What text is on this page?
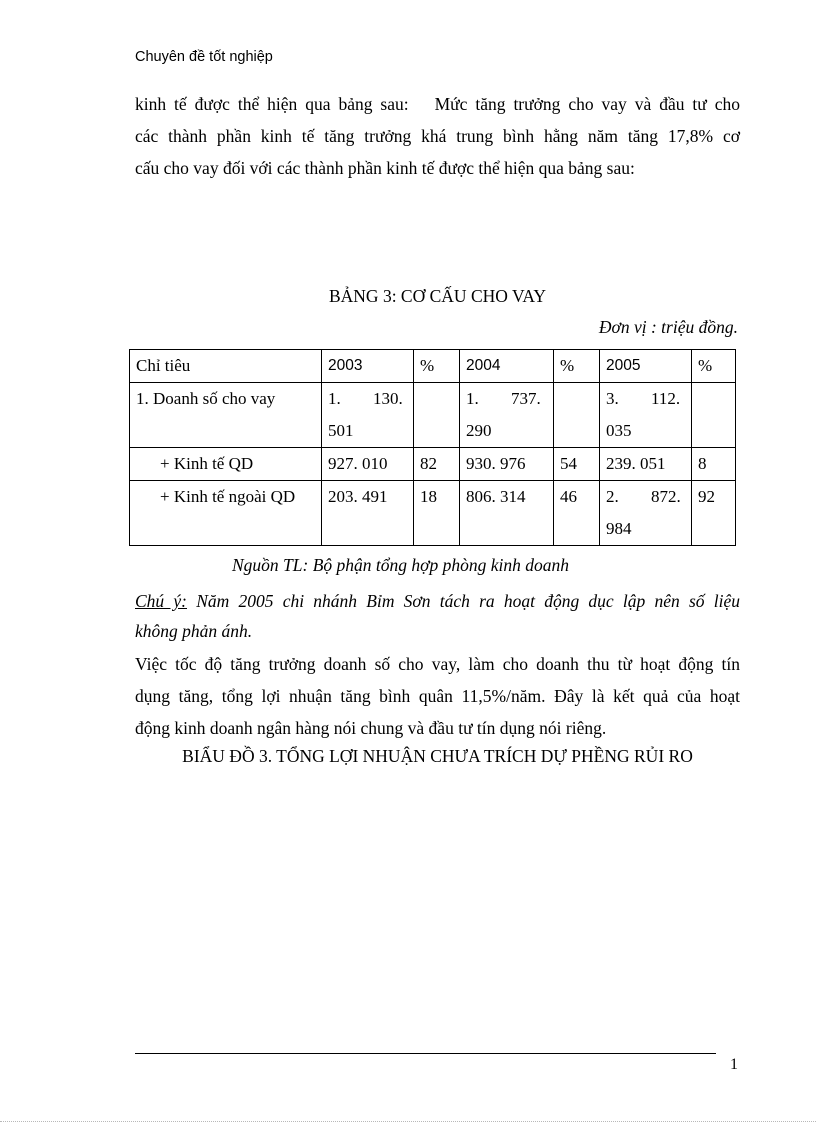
Chuyên đề tốt nghiệp
kinh tế được thể hiện qua bảng sau: Mức tăng trưởng cho vay và đầu tư cho
các thành phần kinh tế tăng trưởng khá trung bình hằng năm tăng 17,8% cơ
cấu cho vay đối với các thành phần kinh tế được thể hiện qua bảng sau:
BẢNG 3: CƠ CẤU CHO VAY
Đơn vị : triệu đồng.
Chỉ tiêu	2003	%	2004	%	2005	%
1. Doanh số cho vay	1. 130. 501		1. 737. 290		3. 112. 035	
+ Kinh tế QD	927. 010	82	930. 976	54	239. 051	8
+ Kinh tế ngoài QD	203. 491	18	806. 314	46	2. 872. 984	92
Nguồn TL: Bộ phận tổng hợp phòng kinh doanh
Chú ý: Năm 2005 chi nhánh Bỉm Sơn tách ra hoạt động dục lập nên số liệu
không phản ánh.
Việc tốc độ tăng trưởng doanh số cho vay, làm cho doanh thu từ hoạt động tín
dụng tăng, tổng lợi nhuận tăng bình quân 11,5%/năm. Đây là kết quả của hoạt
động kinh doanh ngân hàng nói chung và đầu tư tín dụng nói riêng.
BIẨU ĐỒ 3. TỔNG LỢI NHUẬN CHƯA TRÍCH DỰ PHỀNG RỦI RO
1
